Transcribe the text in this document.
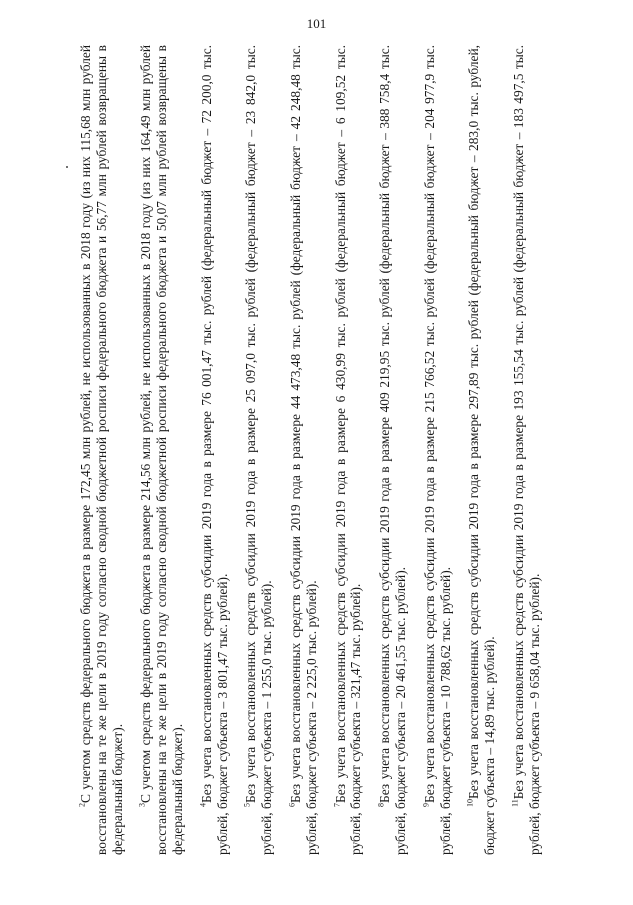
101

$^2$С учетом средств федерального бюджета в размере 172,45 млн рублей, не использованных в 2018 году (из них 115,68 млн рублей восстановлены на те же цели в 2019 году согласно сводной бюджетной росписи федерального бюджета и 56,77 млн рублей возвращены в федеральный бюджет). $^3$С учетом средств федерального бюджета в размере 214,56 млн рублей, не использованных в 2018 году (из них 164,49 млн рублей восстановлены на те же цели в 2019 году согласно сводной бюджетной росписи федерального бюджета и 50,07 млн рублей возвращены в федеральный бюджет). $^4$Без учета восстановленных средств субсидии 2019 года в размере 76 001,47 тыс. рублей (федеральный бюджет – 72 200,0 тыс. рублей, бюджет субъекта – 3 801,47 тыс. рублей). $^5$Без учета восстановленных средств субсидии 2019 года в размере 25 097,0 тыс. рублей (федеральный бюджет – 23 842,0 тыс. рублей, бюджет субъекта – 1 255,0 тыс. рублей). $^6$Без учета восстановленных средств субсидии 2019 года в размере 44 473,48 тыс. рублей (федеральный бюджет – 42 248,48 тыс. рублей, бюджет субъекта – 2 225,0 тыс. рублей). $^7$Без учета восстановленных средств субсидии 2019 года в размере 6 430,99 тыс. рублей (федеральный бюджет – 6 109,52 тыс. рублей, бюджет субъекта – 321,47 тыс. рублей). $^8$Без учета восстановленных средств субсидии 2019 года в размере 409 219,95 тыс. рублей (федеральный бюджет – 388 758,4 тыс. рублей, бюджет субъекта – 20 461,55 тыс. рублей). $^9$Без учета восстановленных средств субсидии 2019 года в размере 215 766,52 тыс. рублей (федеральный бюджет – 204 977,9 тыс. рублей, бюджет субъекта – 10 788,62 тыс. рублей). $^{10}$Без учета восстановленных средств субсидии 2019 года в размере 297,89 тыс. рублей (федеральный бюджет – 283,0 тыс. рублей, бюджет субъекта – 14,89 тыс. рублей). $^{11}$Без учета восстановленных средств субсидии 2019 года в размере 193 155,54 тыс. рублей (федеральный бюджет – 183 497,5 тыс. рублей, бюджет субъекта – 9 658,04 тыс. рублей).
